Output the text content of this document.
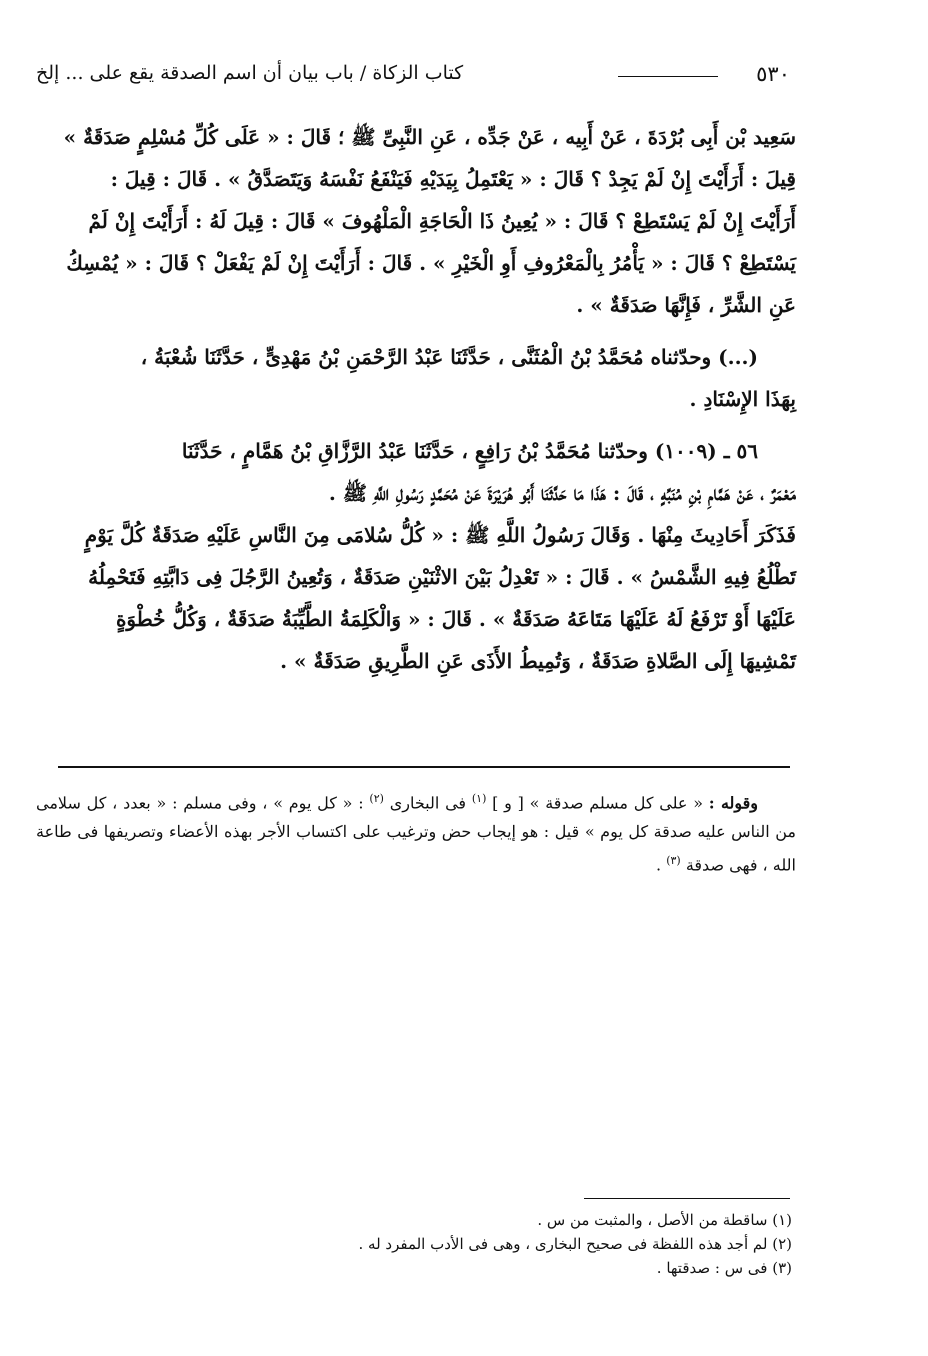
٥٣٠
كتاب الزكاة / باب بيان أن اسم الصدقة يقع على ... إلخ

سَعِيد بْن أَبِى بُرْدَةَ ، عَنْ أَبِيه ، عَنْ جَدِّه ، عَنِ النَّبِىِّ ﷺ ؛ قَالَ : « عَلَى كُلِّ مُسْلِمٍ صَدَقَةٌ »

قِيلَ : أَرَأَيْتَ إِنْ لَمْ يَجِدْ ؟ قَالَ : « يَعْتَمِلُ بِيَدَيْهِ فَيَنْفَعُ نَفْسَهُ وَيَتَصَدَّقُ » . قَالَ : قِيلَ :

أَرَأَيْتَ إِنْ لَمْ يَسْتَطِعْ ؟ قَالَ : « يُعِينُ ذَا الْحَاجَةِ الْمَلْهُوفَ » قَالَ : قِيلَ لَهُ : أَرَأَيْتَ إِنْ لَمْ

يَسْتَطِعْ ؟ قَالَ : « يَأْمُرُ بِالْمَعْرُوفِ أَوِ الْخَيْرِ » . قَالَ : أَرَأَيْتَ إِنْ لَمْ يَفْعَلْ ؟ قَالَ : « يُمْسِكُ

عَنِ الشَّرِّ ، فَإِنَّهَا صَدَقَةٌ » .

(...) وحدّثناه مُحَمَّدُ بْنُ الْمُثَنَّى ، حَدَّثَنَا عَبْدُ الرَّحْمَنِ بْنُ مَهْدِىٍّ ، حَدَّثَنَا شُعْبَةُ ،

بِهَذَا الإِسْنَادِ .

٥٦ ـ (١٠٠٩) وحدّثنا مُحَمَّدُ بْنُ رَافِعٍ ، حَدَّثَنَا عَبْدُ الرَّزَّاقِ بْنُ هَمَّامٍ ، حَدَّثَنَا

مَعْمَرٌ ، عَنْ هَمَّامِ بْنِ مُنَبِّهٍ ، قَالَ : هَذَا مَا حَدَّثَنَا أَبُو هُرَيْرَةَ عَنْ مُحَمَّدٍ رَسُولِ اللَّهِ ﷺ .

فَذَكَرَ أَحَادِيثَ مِنْهَا . وَقَالَ رَسُولُ اللَّهِ ﷺ : « كُلُّ سُلامَى مِنَ النَّاسِ عَلَيْهِ صَدَقَةٌ كُلَّ يَوْمٍ

تَطْلُعُ فِيهِ الشَّمْسُ » . قَالَ : « تَعْدِلُ بَيْنَ الاثْنَيْنِ صَدَقَةٌ ، وَتُعِينُ الرَّجُلَ فِى دَابَّتِهِ فَتَحْمِلُهُ

عَلَيْهَا أَوْ تَرْفَعُ لَهُ عَلَيْهَا مَتَاعَهُ صَدَقَةٌ » . قَالَ : « وَالْكَلِمَةُ الطَّيِّبَةُ صَدَقَةٌ ، وَكُلُّ خُطْوَةٍ

تَمْشِيهَا إِلَى الصَّلاةِ صَدَقَةٌ ، وَتُمِيطُ الأَذَى عَنِ الطَّرِيقِ صَدَقَةٌ » .

وقوله : « على كل مسلم صدقة » [ و ] $^{(١)}$ فى البخارى $^{(٢)}$ : « كل يوم » ، وفى مسلم : « بعدد ، كل سلامى من الناس عليه صدقة كل يوم » قيل : هو إيجاب حض وترغيب على اكتساب الأجر بهذه الأعضاء وتصريفها فى طاعة الله ، فهى صدقة $^{(٣)}$ .

(١) ساقطة من الأصل ، والمثبت من س .

(٢) لم أجد هذه اللفظة فى صحيح البخارى ، وهى فى الأدب المفرد له .

(٣) فى س : صدقتها .
